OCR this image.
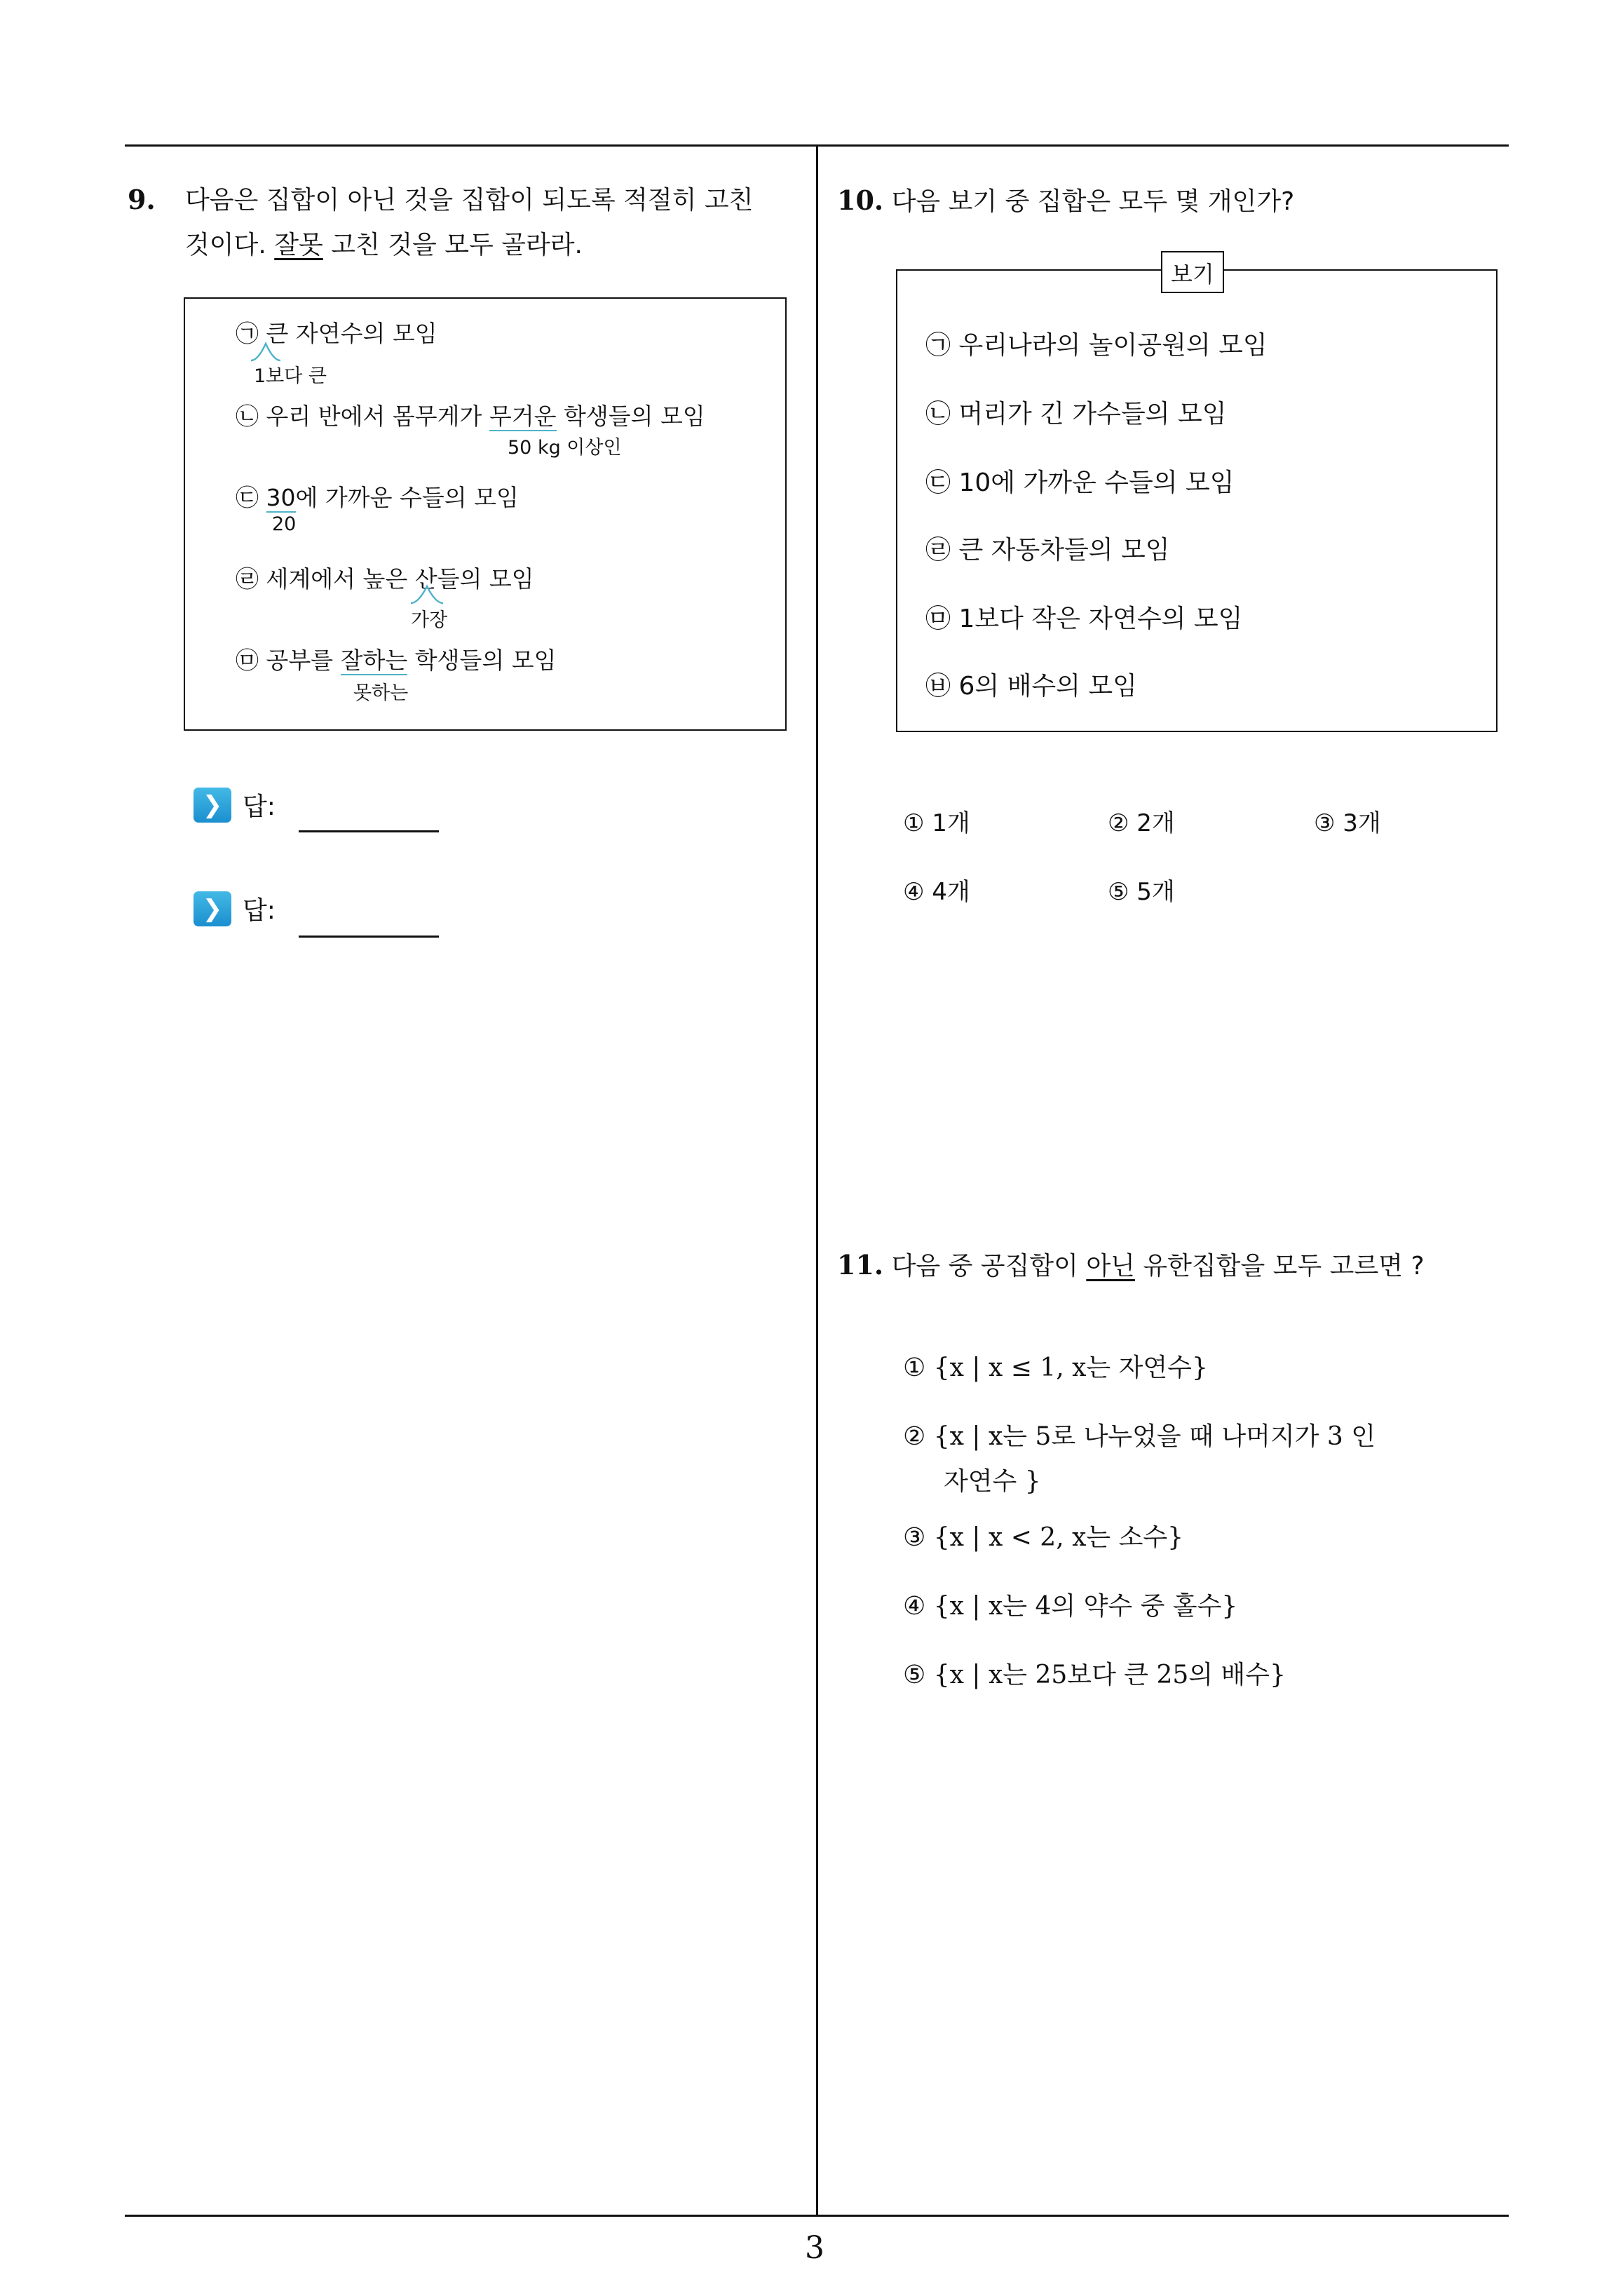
9. 다음은 집합이 아닌 것을 집합이 되도록 적절히 고친
것이다. 잘못 고친 것을 모두 골라라.
㉠ 큰 자연수의 모임
1보다 큰
㉡ 우리 반에서 몸무게가 무거운 학생들의 모임
50 kg 이상인
㉢ 30에 가까운 수들의 모임
20
㉣ 세계에서 높은 산들의 모임
가장
㉤ 공부를 잘하는 학생들의 모임
못하는
❯ 답:
❯ 답:
10. 다음 보기 중 집합은 모두 몇 개인가?
보기
㉠ 우리나라의 놀이공원의 모임
㉡ 머리가 긴 가수들의 모임
㉢ 10에 가까운 수들의 모임
㉣ 큰 자동차들의 모임
㉤ 1보다 작은 자연수의 모임
㉥ 6의 배수의 모임
① 1개	② 2개	③ 3개
④ 4개	⑤ 5개
11. 다음 중 공집합이 아닌 유한집합을 모두 고르면 ?
① {x | x ≤ 1, x는 자연수}
② {x | x는 5로 나누었을 때 나머지가 3 인
자연수 }
③ {x | x < 2, x는 소수}
④ {x | x는 4의 약수 중 홀수}
⑤ {x | x는 25보다 큰 25의 배수}
3
